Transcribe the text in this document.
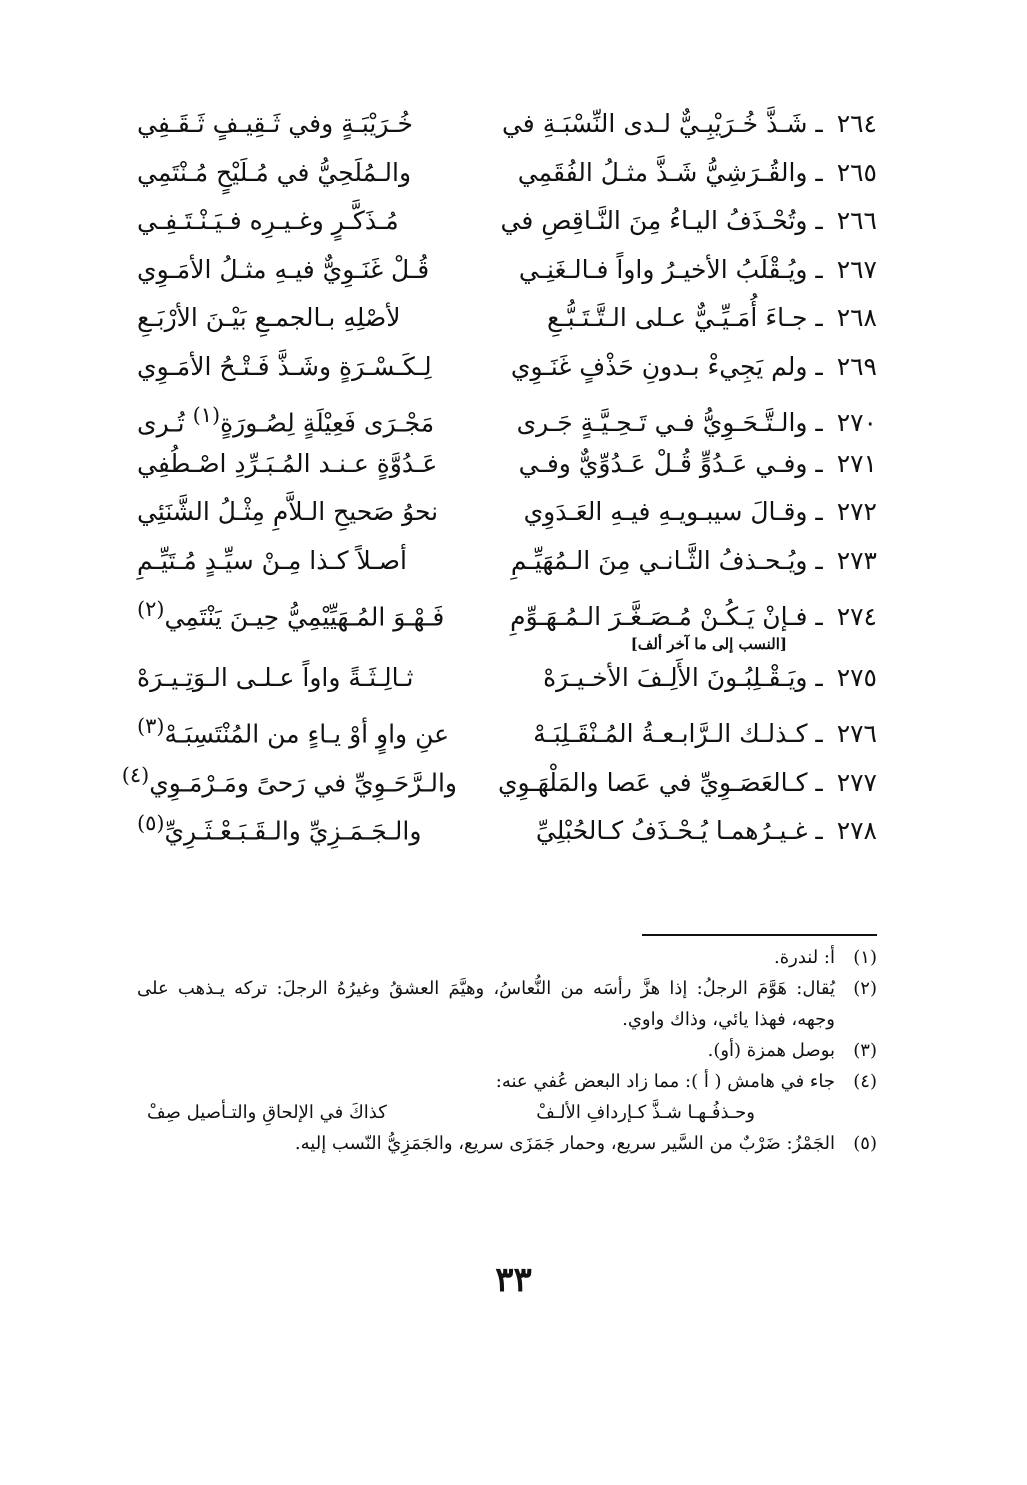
٢٦٤ ـ شَـذَّ خُـرَيْبِـيٌّ لـدى النِّسْبَـةِ في
خُـرَيْبَـةٍ وفي ثَـقِيـفٍ ثَـقَـفِي
٢٦٥ ـ والقُـرَشِيُّ شَـذَّ مثـلُ الفُقَمِي
والـمُلَحِيُّ في مُـلَيْحٍ مُـنْتَمِي
٢٦٦ ـ وتُحْـذَفُ اليـاءُ مِنَ النَّـاقِصِ في
مُـذَكَّـرٍ وغـيـرِه فـيَـنْـتَـفِـي
٢٦٧ ـ ويُـقْلَبُ الأخيـرُ واواً فـالـغَنِـي
قُـلْ غَنَـوِيٌّ فيـهِ مثـلُ الأمَـوِي
٢٦٨ ـ جـاءَ أُمَـيِّـيٌّ عـلى الـتَّـتَـبُّـعِ
لأصْلِهِ بـالجمـعِ بَيْـنَ الأرْبَـعِ
٢٦٩ ـ ولم يَجِيءْ بـدونِ حَذْفٍ غَنَـوِي
لِـكَـسْـرَةٍ وشَـذَّ فَـتْـحُ الأمَـوِي
٢٧٠ ـ والـتَّـحَـوِيُّ فـي تَـحِـيَّـةٍ جَـرى
مَجْـرَى فَعِيْلَةٍ لِصُـورَةٍ$^{(١)}$ تُـرى
٢٧١ ـ وفـي عَـدُوٍّ قُـلْ عَـدُوِّيٌّ وفـي
عَـدُوَّةٍ عـنـد المُـبَـرِّدِ اصْـطُفِي
٢٧٢ ـ وقـالَ سيبـويـهِ فيـهِ العَـدَوِي
نحوُ صَحيحِ الـلاَّمِ مِثْـلُ الشَّنَئِي
٢٧٣ ـ ويُـحـذفُ الثَّـانـي مِنَ الـمُهَيِّـمِ
أصـلاً كـذا مِـنْ سيِّـدٍ مُـتَيِّـمِ
٢٧٤ ـ فـإنْ يَـكُـنْ مُـصَـغَّـرَ الـمُـهَـوِّمِ
فَـهْـوَ المُـهَيِّيْمِيُّ حِيـنَ يَنْتَمِي$^{(٢)}$
[النسب إلى ما آخر ألف]
٢٧٥ ـ ويَـقْـلِبُـونَ الأَلِـفَ الأخـيـرَهْ
ثـالِـثَـةً واواً عـلـى الـوَتِـيـرَهْ
٢٧٦ ـ كـذلـك الـرَّابـعـةُ المُـنْقَـلِبَـهْ
عنِ واوٍ أوْ يـاءٍ من المُنْتَسِبَـهْ$^{(٣)}$
٢٧٧ ـ كـالعَصَـوِيِّ في عَصا والمَلْهَـوِي
والـرَّحَـوِيِّ في رَحىً ومَـرْمَـوِي$^{(٤)}$
٢٧٨ ـ غـيـرُهمـا يُـحْـذَفُ كـالحُبْلِيِّ
والـجَـمَـزِيِّ والـقَـبَـعْـثَـرِيِّ$^{(٥)}$
(١)
أ: لندرة.
(٢)
يُقال: هَوَّمَ الرجلُ: إذا هزَّ رأسَه من النُّعاسُ، وهيَّمَ العشقُ وغيرُهُ الرجلَ: تركه يـذهب على وجهه، فهذا يائي، وذاك واوي.
(٣)
بوصل همزة (أو).
(٤)
جاء في هامش ( أ ): مما زاد البعض عُفي عنه:
وحـذفُـهـا شـذَّ كـإردافِ الألـفْ
كذاكَ في الإلحاقِ والتـأصيل صِفْ
(٥)
الجَمْزُ: ضَرْبٌ من السَّير سريع، وحمار جَمَزَى سريع، والجَمَزِيُّ النّسب إليه.
٣٣
